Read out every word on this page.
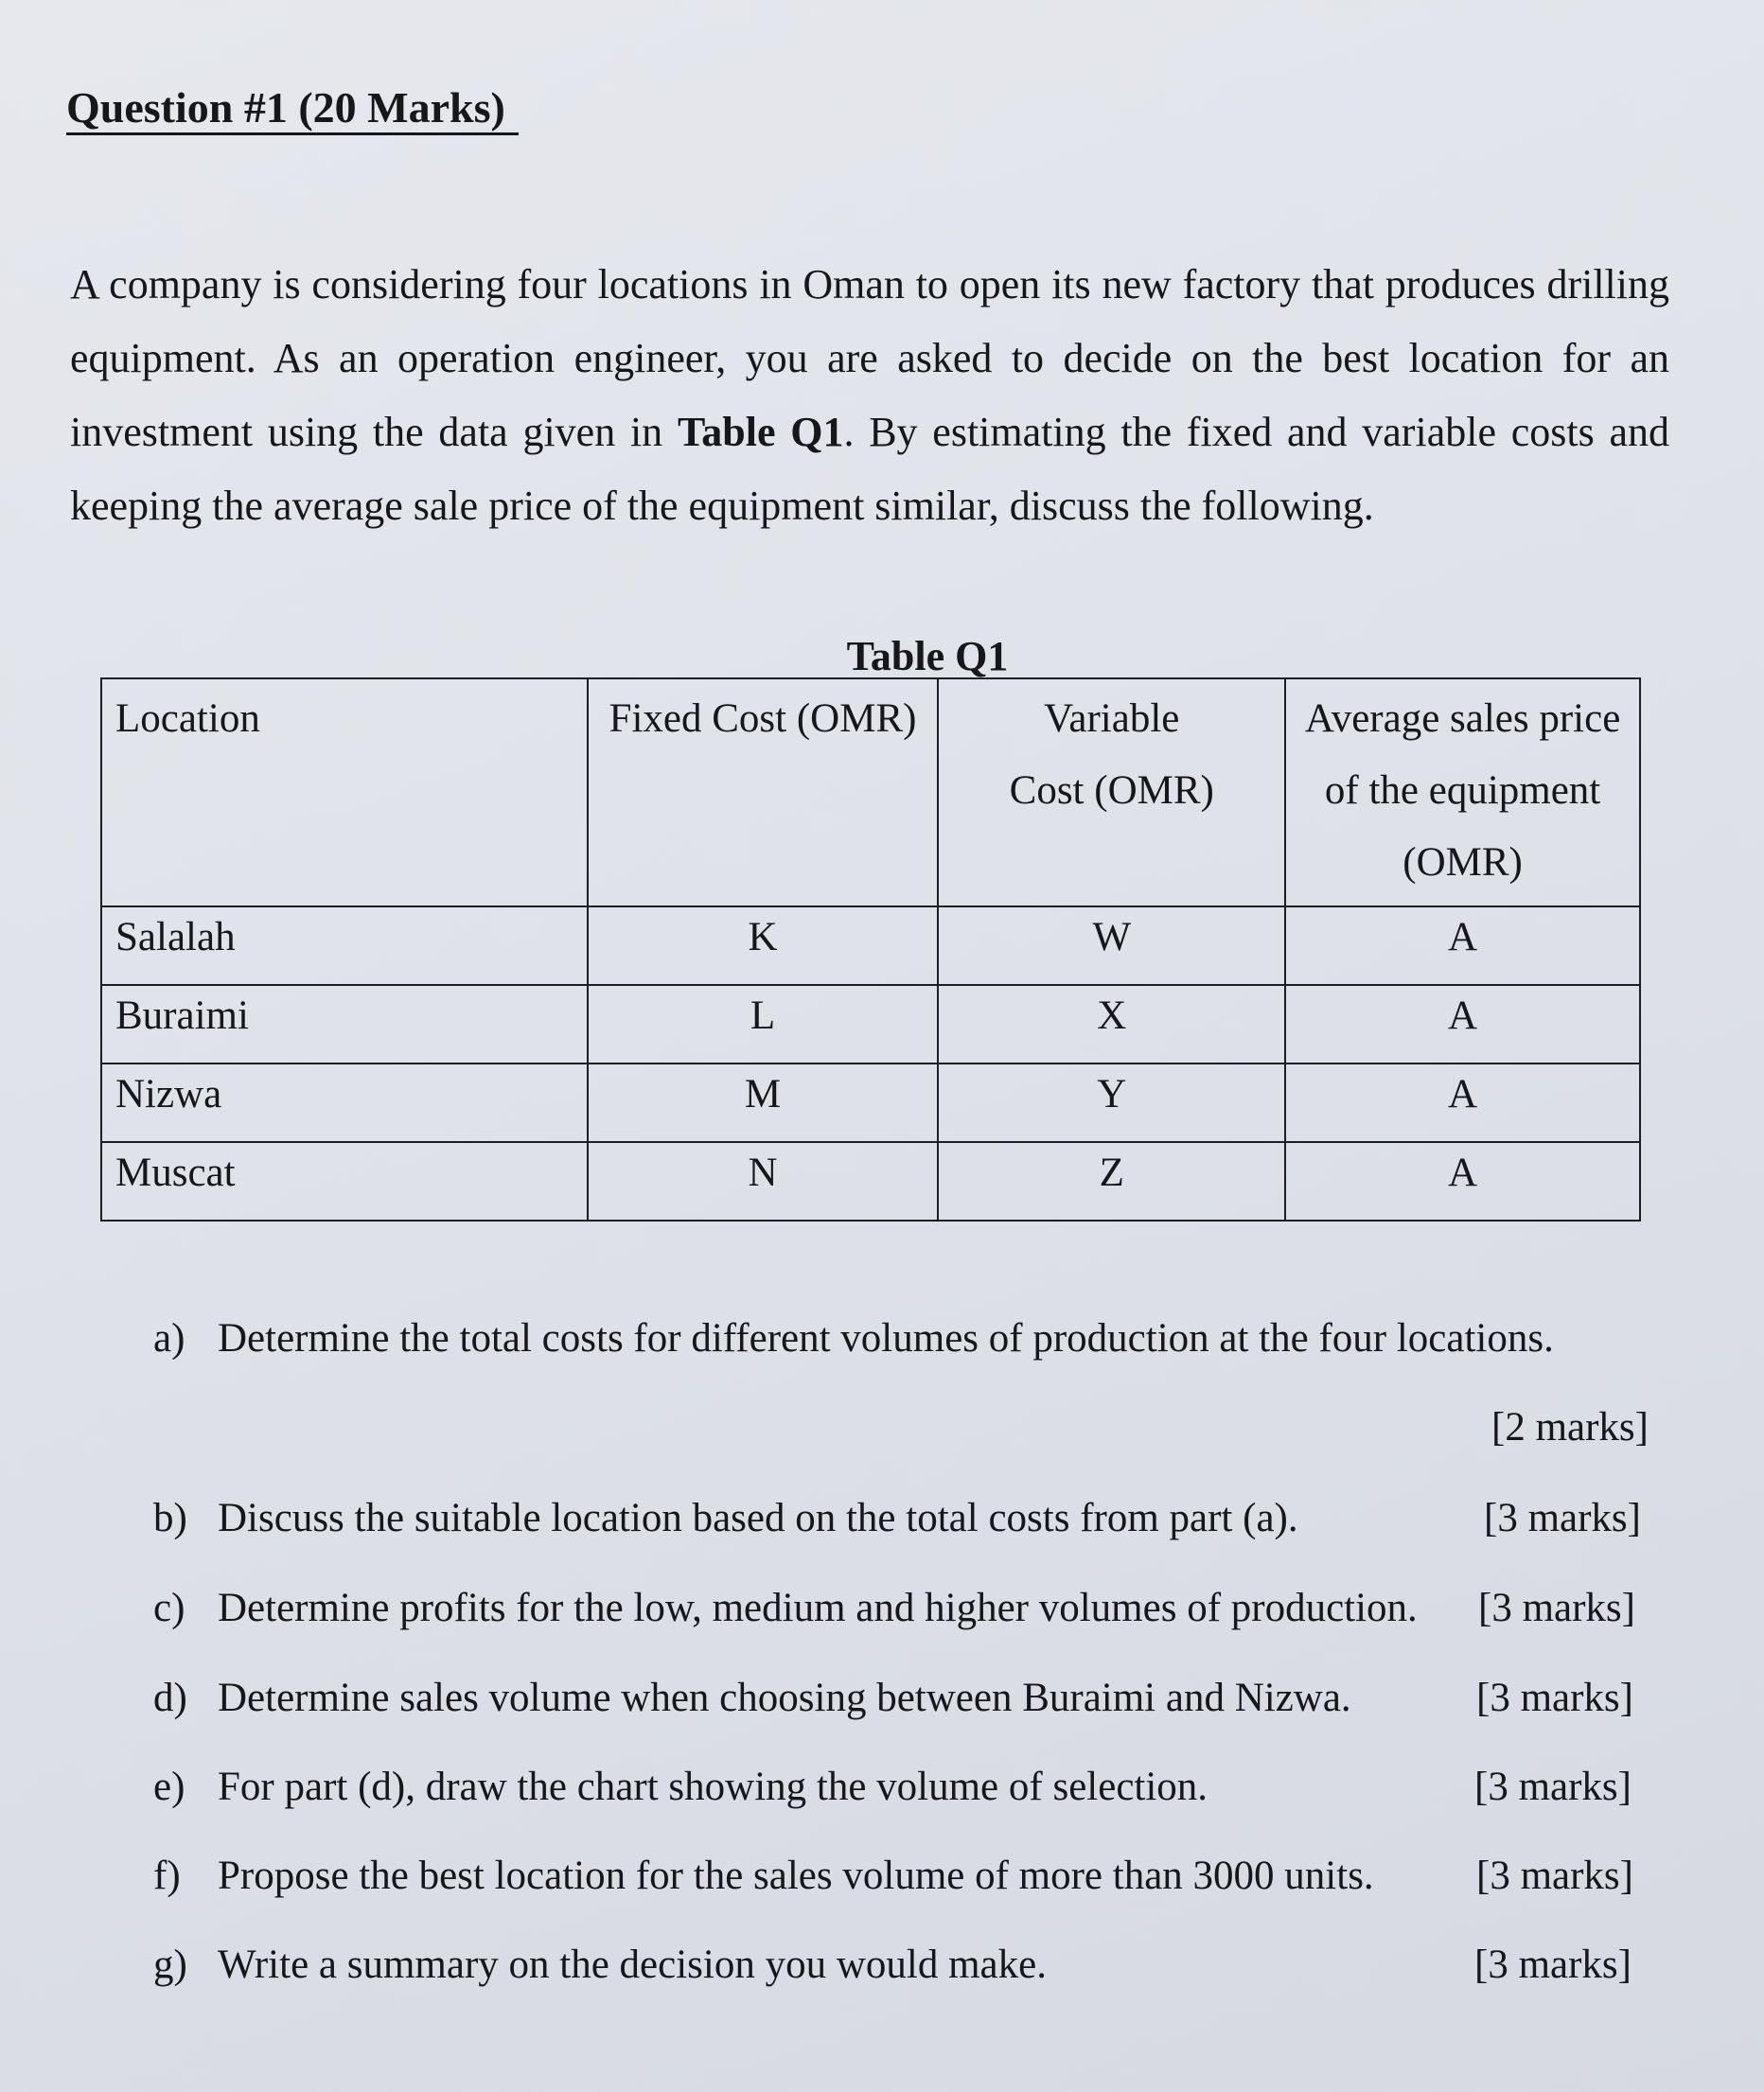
Question #1 (20 Marks)

A company is considering four locations in Oman to open its new factory that produces drilling equipment. As an operation engineer, you are asked to decide on the best location for an investment using the data given in Table Q1. By estimating the fixed and variable costs and keeping the average sale price of the equipment similar, discuss the following.

Table Q1
Location	Fixed Cost (OMR)	Variable Cost (OMR)	Average sales price of the equipment (OMR)

Salalah	K	W	A
Buraimi	L	X	A
Nizwa	M	Y	A
Muscat	N	Z	A
a) Determine the total costs for different volumes of production at the four locations.
[2 marks]
b) Discuss the suitable location based on the total costs from part (a).	[3 marks]
c) Determine profits for the low, medium and higher volumes of production. [3 marks]
d) Determine sales volume when choosing between Buraimi and Nizwa.	[3 marks]
e) For part (d), draw the chart showing the volume of selection.	[3 marks]
f) Propose the best location for the sales volume of more than 3000 units.	[3 marks]
g) Write a summary on the decision you would make.	[3 marks]
